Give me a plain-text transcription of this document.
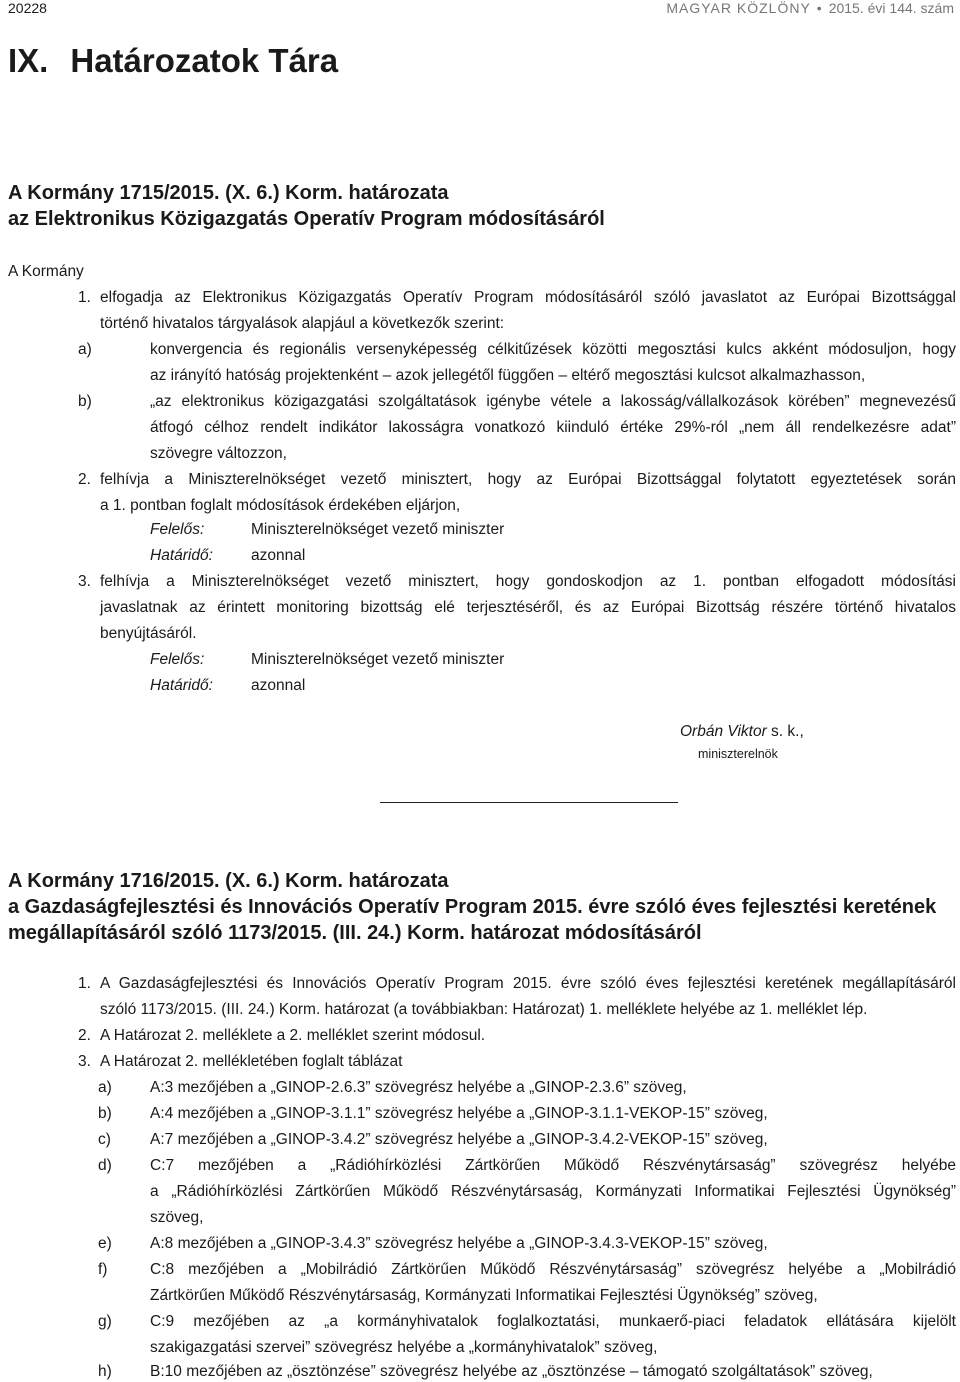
20228	MAGYAR KÖZLÖNY • 2015. évi 144. szám
IX. Határozatok Tára
A Kormány 1715/2015. (X. 6.) Korm. határozata
az Elektronikus Közigazgatás Operatív Program módosításáról
A Kormány
1. elfogadja az Elektronikus Közigazgatás Operatív Program módosításáról szóló javaslatot az Európai Bizottsággal
történő hivatalos tárgyalások alapjául a következők szerint:
a)	konvergencia és regionális versenyképesség célkitűzések közötti megosztási kulcs akként módosuljon, hogy
az irányító hatóság projektenként – azok jellegétől függően – eltérő megosztási kulcsot alkalmazhasson,
b)	„az elektronikus közigazgatási szolgáltatások igénybe vétele a lakosság/vállalkozások körében” megnevezésű
átfogó célhoz rendelt indikátor lakosságra vonatkozó kiinduló értéke 29%-ról „nem áll rendelkezésre adat”
szövegre változzon,
2. felhívja a Miniszterelnökséget vezető minisztert, hogy az Európai Bizottsággal folytatott egyeztetések során
a 1. pontban foglalt módosítások érdekében eljárjon,
Felelős:	Miniszterelnökséget vezető miniszter
Határidő: azonnal
3. felhívja a Miniszterelnökséget vezető minisztert, hogy gondoskodjon az 1. pontban elfogadott módosítási
javaslatnak az érintett monitoring bizottság elé terjesztéséről, és az Európai Bizottság részére történő hivatalos
benyújtásáról.
Felelős:	Miniszterelnökséget vezető miniszter
Határidő: azonnal
Orbán Viktor s. k.,
miniszterelnök
A Kormány 1716/2015. (X. 6.) Korm. határozata
a Gazdaságfejlesztési és Innovációs Operatív Program 2015. évre szóló éves fejlesztési keretének
megállapításáról szóló 1173/2015. (III. 24.) Korm. határozat módosításáról
1. A Gazdaságfejlesztési és Innovációs Operatív Program 2015. évre szóló éves fejlesztési keretének megállapításáról
szóló 1173/2015. (III. 24.) Korm. határozat (a továbbiakban: Határozat) 1. melléklete helyébe az 1. melléklet lép.
2. A Határozat 2. melléklete a 2. melléklet szerint módosul.
3. A Határozat 2. mellékletében foglalt táblázat
a) A:3 mezőjében a „GINOP-2.6.3” szövegrész helyébe a „GINOP-2.3.6” szöveg,
b) A:4 mezőjében a „GINOP-3.1.1” szövegrész helyébe a „GINOP-3.1.1-VEKOP-15” szöveg,
c)	A:7 mezőjében a „GINOP-3.4.2” szövegrész helyébe a „GINOP-3.4.2-VEKOP-15” szöveg,
d) C:7 mezőjében a „Rádióhírközlési Zártkörűen Működő Részvénytársaság” szövegrész helyébe
a „Rádióhírközlési Zártkörűen Működő Részvénytársaság, Kormányzati Informatikai Fejlesztési Ügynökség”
szöveg,
e) A:8 mezőjében a „GINOP-3.4.3” szövegrész helyébe a „GINOP-3.4.3-VEKOP-15” szöveg,
f)	C:8 mezőjében a „Mobilrádió Zártkörűen Működő Részvénytársaság” szövegrész helyébe a „Mobilrádió
Zártkörűen Működő Részvénytársaság, Kormányzati Informatikai Fejlesztési Ügynökség” szöveg,
g) C:9 mezőjében az „a kormányhivatalok foglalkoztatási, munkaerő-piaci feladatok ellátására kijelölt
szakigazgatási szervei” szövegrész helyébe a „kormányhivatalok” szöveg,
h) B:10 mezőjében az „ösztönzése” szövegrész helyébe az „ösztönzése – támogató szolgáltatások” szöveg,
